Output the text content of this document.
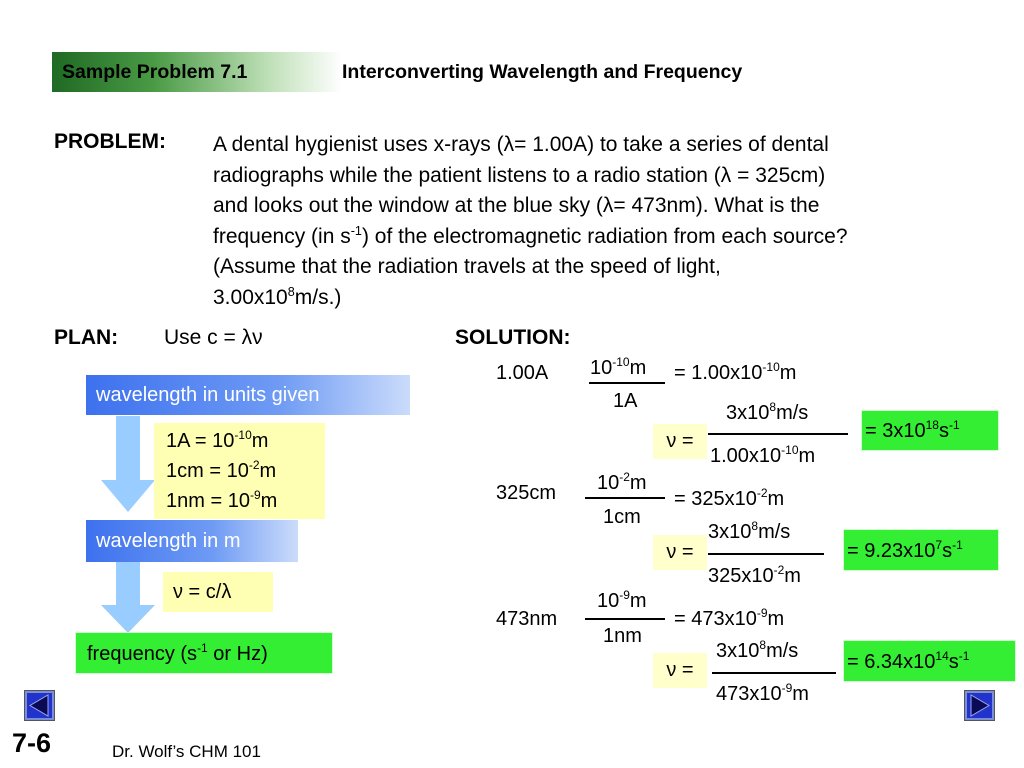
Sample Problem 7.1	Interconverting Wavelength and Frequency
PROBLEM: A dental hygienist uses x-rays (λ= 1.00A) to take a series of dental
radiographs while the patient listens to a radio station (λ = 325cm)
and looks out the window at the blue sky (λ= 473nm). What is the
frequency (in $s^{-1}$) of the electromagnetic radiation from each source?
(Assume that the radiation travels at the speed of light,
$3.00x10^8m/s$.)
PLAN: Use c = λν
wavelength in units given
$1A = 10^{-10}m$
$1cm = 10^{-2}m$
$1nm = 10^{-9}m$
wavelength in m
ν = c/λ
frequency ($s^{-1}$ or Hz)
SOLUTION:
1.00A $10^{-10}m$
1A
= $1.00x10^{-10}m$
ν =
$3x10^8m/s$
$1.00x10^{-10}m$
= $3x10^{18}s^{-1}$
325cm $10^{-2}m$
1cm
= $325x10^{-2}m$
ν =
$3x10^8m/s$
$325x10^{-2}m$
= $9.23x10^7s^{-1}$
473nm
$10^{-9}m$
1nm
= $473x10^{-9}m$
ν =
$3x10^8m/s$
$473x10^{-9}m$
= $6.34x10^{14}s^{-1}$
7-6	Dr. Wolf’s CHM 101
